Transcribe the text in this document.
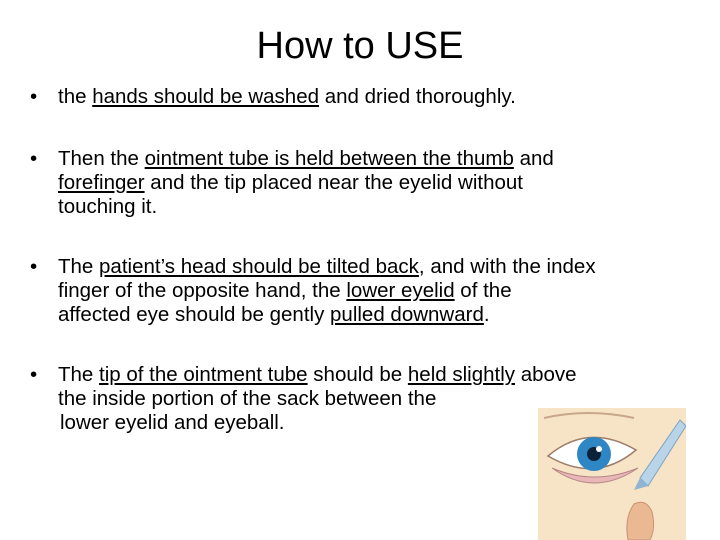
How to USE
•	the hands should be washed and dried thoroughly.
•	Then the ointment tube is held between the thumb and
forefinger and the tip placed near the eyelid without
touching it.
•	The patient’s head should be tilted back, and with the index
finger of the opposite hand, the lower eyelid of the
affected eye should be gently pulled downward.
•	The tip of the ointment tube should be held slightly above
the inside portion of the sack between the
lower eyelid and eyeball.
